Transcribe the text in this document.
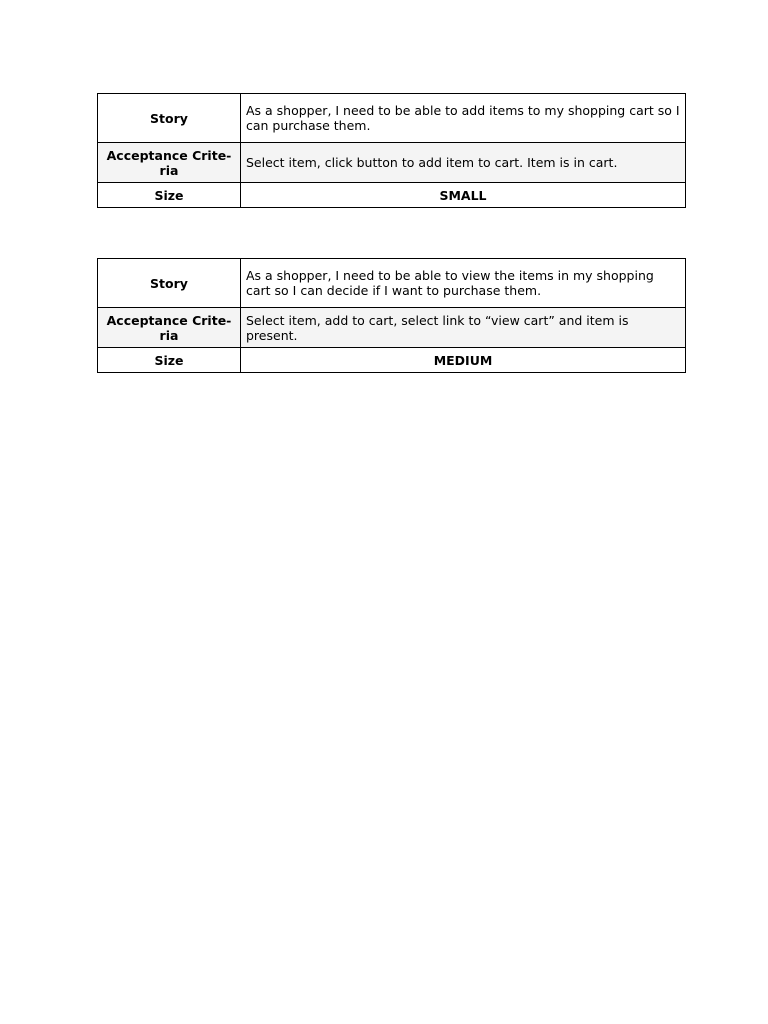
Story	As a shopper, I need to be able to add items to my shopping cart so I can purchase them.
Acceptance Crite-
ria	Select item, click button to add item to cart. Item is in cart.
Size	SMALL
Story	As a shopper, I need to be able to view the items in my shopping cart so I can decide if I want to purchase them.
Acceptance Crite-
ria	Select item, add to cart, select link to “view cart” and item is present.
Size	MEDIUM
